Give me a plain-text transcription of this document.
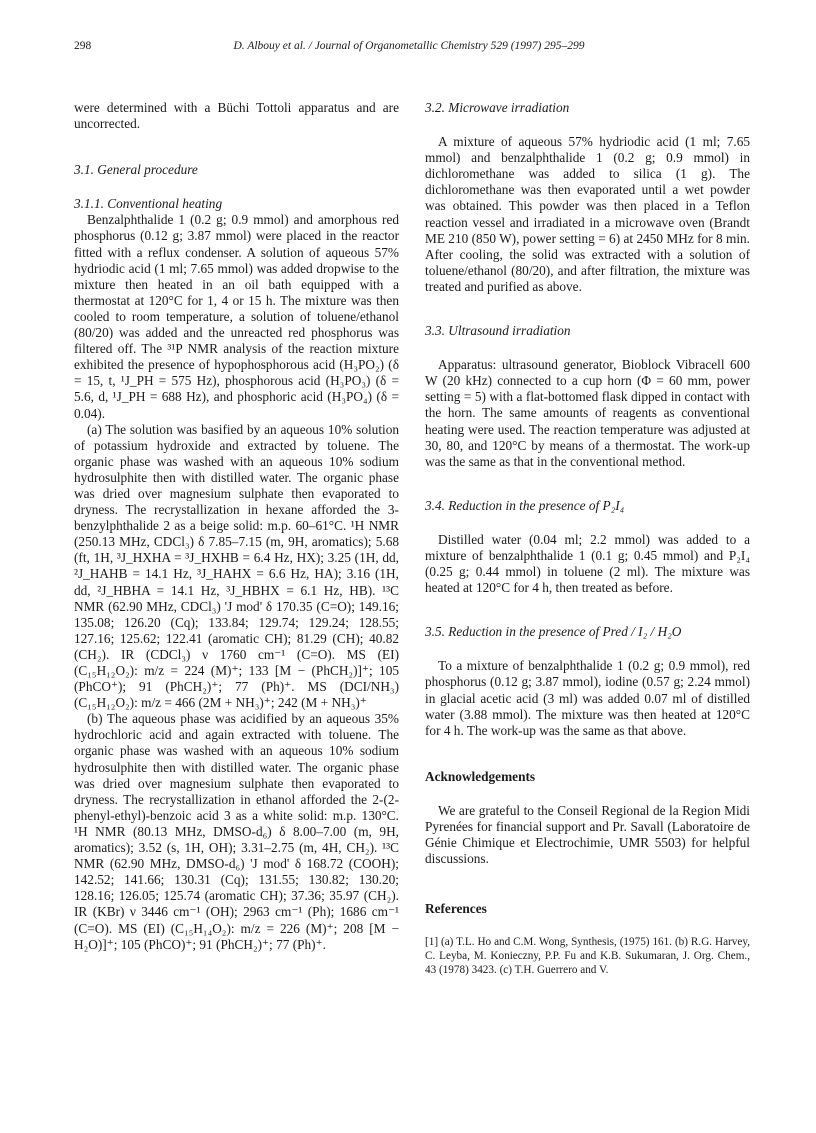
298	D. Albouy et al. / Journal of Organometallic Chemistry 529 (1997) 295–299

were determined with a Büchi Tottoli apparatus and are uncorrected.

3.1. General procedure

3.1.1. Conventional heating

Benzalphthalide 1 (0.2 g; 0.9 mmol) and amorphous red phosphorus (0.12 g; 3.87 mmol) were placed in the reactor fitted with a reflux condenser. A solution of aqueous 57% hydriodic acid (1 ml; 7.65 mmol) was added dropwise to the mixture then heated in an oil bath equipped with a thermostat at 120°C for 1, 4 or 15 h. The mixture was then cooled to room temperature, a solution of toluene/ethanol (80/20) was added and the unreacted red phosphorus was filtered off. The ³¹P NMR analysis of the reaction mixture exhibited the presence of hypophosphorous acid (H₃PO₂) (δ = 15, t, ¹J_PH = 575 Hz), phosphorous acid (H₃PO₃) (δ = 5.6, d, ¹J_PH = 688 Hz), and phosphoric acid (H₃PO₄) (δ = 0.04).

(a) The solution was basified by an aqueous 10% solution of potassium hydroxide and extracted by toluene. The organic phase was washed with an aqueous 10% sodium hydrosulphite then with distilled water. The organic phase was dried over magnesium sulphate then evaporated to dryness. The recrystallization in hexane afforded the 3-benzylphthalide 2 as a beige solid: m.p. 60–61°C. ¹H NMR (250.13 MHz, CDCl₃) δ 7.85–7.15 (m, 9H, aromatics); 5.68 (ft, 1H, ³J_HXHA = ³J_HXHB = 6.4 Hz, HX); 3.25 (1H, dd, ²J_HAHB = 14.1 Hz, ³J_HAHX = 6.6 Hz, HA); 3.16 (1H, dd, ²J_HBHA = 14.1 Hz, ³J_HBHX = 6.1 Hz, HB). ¹³C NMR (62.90 MHz, CDCl₃) 'J mod' δ 170.35 (C=O); 149.16; 135.08; 126.20 (Cq); 133.84; 129.74; 129.24; 128.55; 127.16; 125.62; 122.41 (aromatic CH); 81.29 (CH); 40.82 (CH₂). IR (CDCl₃) ν 1760 cm⁻¹ (C=O). MS (EI) (C₁₅H₁₂O₂): m/z = 224 (M)⁺; 133 [M − (PhCH₂)]⁺; 105 (PhCO⁺); 91 (PhCH₂)⁺; 77 (Ph)⁺. MS (DCI/NH₃) (C₁₅H₁₂O₂): m/z = 466 (2M + NH₃)⁺; 242 (M + NH₃)⁺

(b) The aqueous phase was acidified by an aqueous 35% hydrochloric acid and again extracted with toluene. The organic phase was washed with an aqueous 10% sodium hydrosulphite then with distilled water. The organic phase was dried over magnesium sulphate then evaporated to dryness. The recrystallization in ethanol afforded the 2-(2-phenyl-ethyl)-benzoic acid 3 as a white solid: m.p. 130°C. ¹H NMR (80.13 MHz, DMSO-d₆) δ 8.00–7.00 (m, 9H, aromatics); 3.52 (s, 1H, OH); 3.31–2.75 (m, 4H, CH₂). ¹³C NMR (62.90 MHz, DMSO-d₆) 'J mod' δ 168.72 (COOH); 142.52; 141.66; 130.31 (Cq); 131.55; 130.82; 130.20; 128.16; 126.05; 125.74 (aromatic CH); 37.36; 35.97 (CH₂). IR (KBr) ν 3446 cm⁻¹ (OH); 2963 cm⁻¹ (Ph); 1686 cm⁻¹ (C=O). MS (EI) (C₁₅H₁₄O₂): m/z = 226 (M)⁺; 208 [M − H₂O)]⁺; 105 (PhCO)⁺; 91 (PhCH₂)⁺; 77 (Ph)⁺.

3.2. Microwave irradiation

A mixture of aqueous 57% hydriodic acid (1 ml; 7.65 mmol) and benzalphthalide 1 (0.2 g; 0.9 mmol) in dichloromethane was added to silica (1 g). The dichloromethane was then evaporated until a wet powder was obtained. This powder was then placed in a Teflon reaction vessel and irradiated in a microwave oven (Brandt ME 210 (850 W), power setting = 6) at 2450 MHz for 8 min. After cooling, the solid was extracted with a solution of toluene/ethanol (80/20), and after filtration, the mixture was treated and purified as above.

3.3. Ultrasound irradiation

Apparatus: ultrasound generator, Bioblock Vibracell 600 W (20 kHz) connected to a cup horn (Φ = 60 mm, power setting = 5) with a flat-bottomed flask dipped in contact with the horn. The same amounts of reagents as conventional heating were used. The reaction temperature was adjusted at 30, 80, and 120°C by means of a thermostat. The work-up was the same as that in the conventional method.

3.4. Reduction in the presence of P₂I₄

Distilled water (0.04 ml; 2.2 mmol) was added to a mixture of benzalphthalide 1 (0.1 g; 0.45 mmol) and P₂I₄ (0.25 g; 0.44 mmol) in toluene (2 ml). The mixture was heated at 120°C for 4 h, then treated as before.

3.5. Reduction in the presence of Pred / I₂ / H₂O

To a mixture of benzalphthalide 1 (0.2 g; 0.9 mmol), red phosphorus (0.12 g; 3.87 mmol), iodine (0.57 g; 2.24 mmol) in glacial acetic acid (3 ml) was added 0.07 ml of distilled water (3.88 mmol). The mixture was then heated at 120°C for 4 h. The work-up was the same as that above.

Acknowledgements

We are grateful to the Conseil Regional de la Region Midi Pyrenées for financial support and Pr. Savall (Laboratoire de Génie Chimique et Electrochimie, UMR 5503) for helpful discussions.

References

[1] (a) T.L. Ho and C.M. Wong, Synthesis, (1975) 161. (b) R.G. Harvey, C. Leyba, M. Konieczny, P.P. Fu and K.B. Sukumaran, J. Org. Chem., 43 (1978) 3423. (c) T.H. Guerrero and V.
